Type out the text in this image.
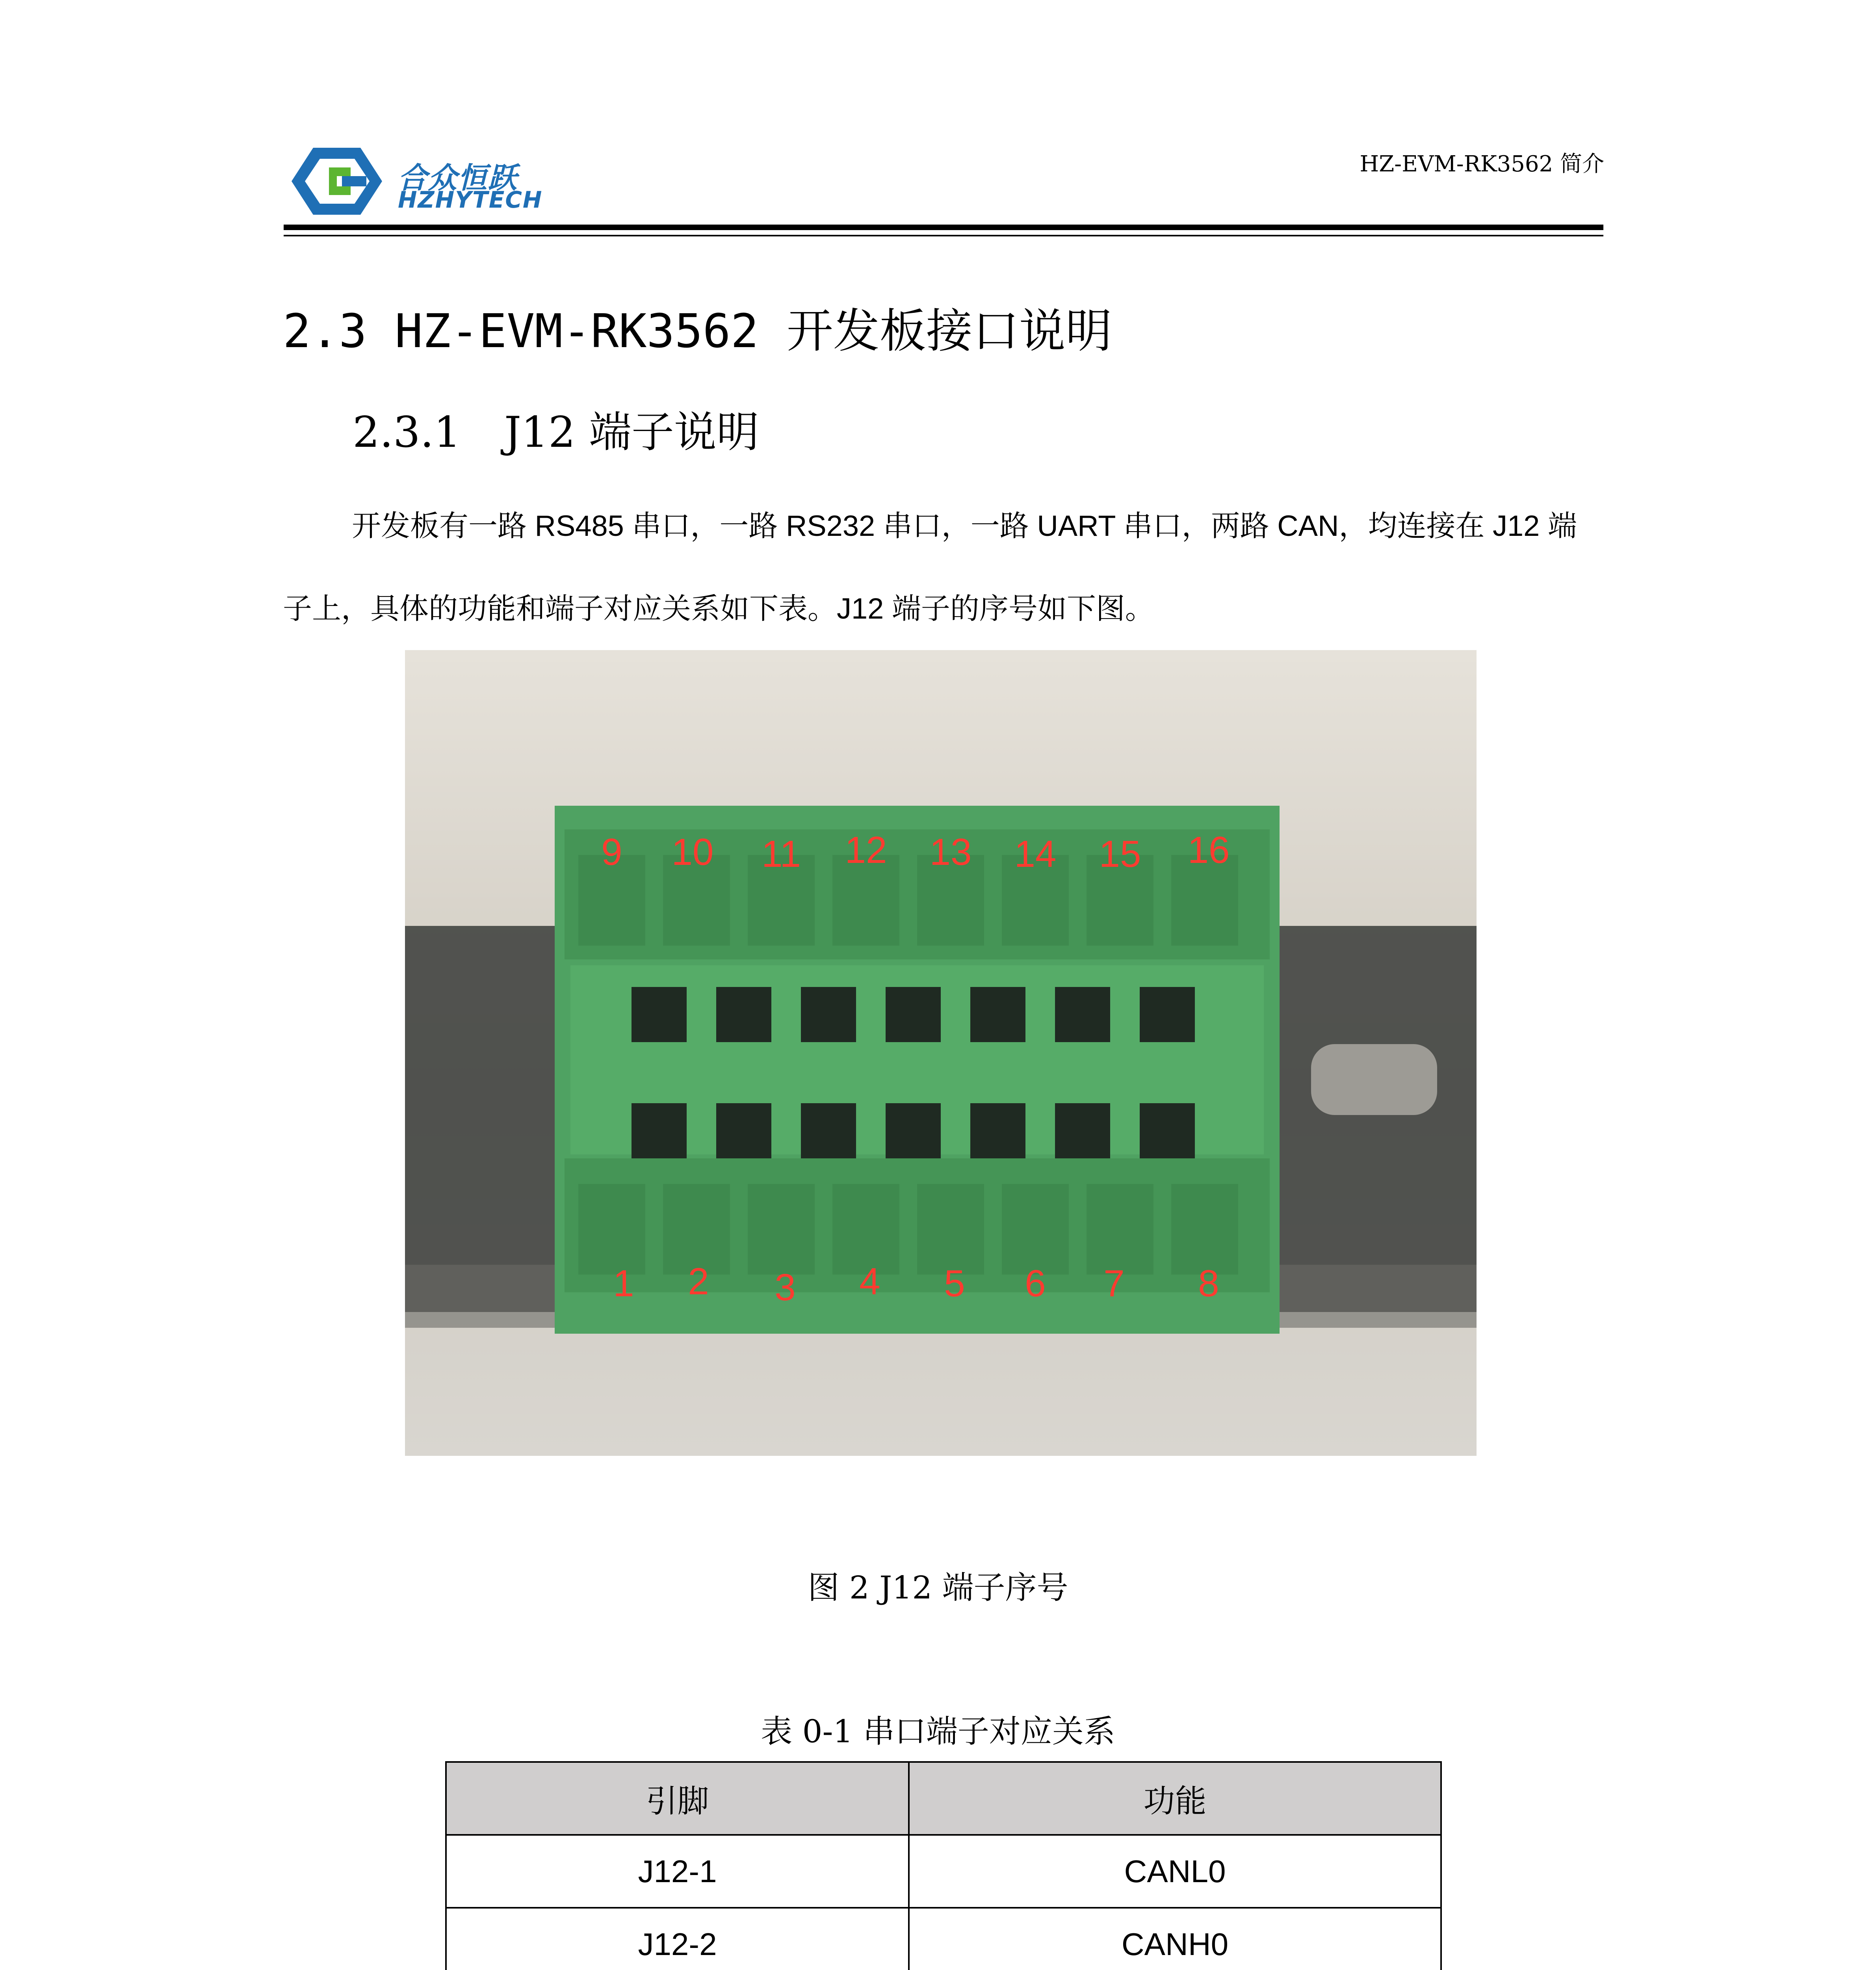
合众恒跃
HZHYTECH
HZ-EVM-RK3562 简介
2.3 HZ-EVM-RK3562 开发板接口说明
2.3.1 J12 端子说明
开发板有一路 RS485 串口，一路 RS232 串口，一路 UART 串口，两路 CAN，均连接在 J12 端子上，具体的功能和端子对应关系如下表。J12 端子的序号如下图。
9 10 11 12 13 14 15 16
1 2 3 4 5 6 7 8
图 2 J12 端子序号
表 0-1 串口端子对应关系
引脚	功能
J12-1	CANL0
J12-2	CANH0
